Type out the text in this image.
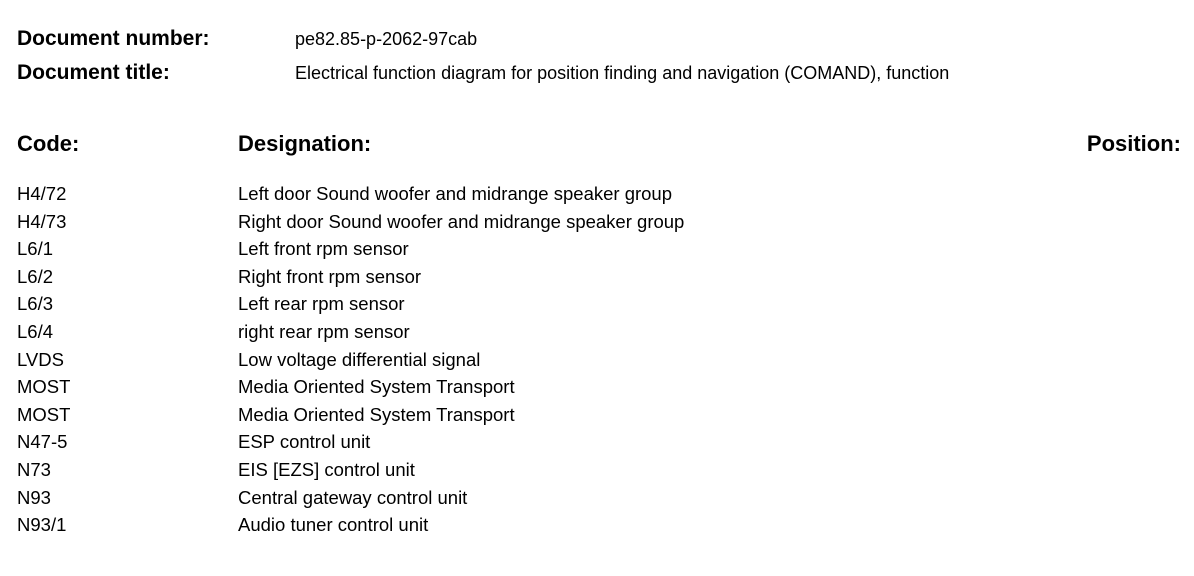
Document number:	pe82.85-p-2062-97cab
Document title:	Electrical function diagram for position finding and navigation (COMAND), function
Code:	Designation:	Position:
H4/72	Left door Sound woofer and midrange speaker group
H4/73	Right door Sound woofer and midrange speaker group
L6/1	Left front rpm sensor
L6/2	Right front rpm sensor
L6/3	Left rear rpm sensor
L6/4	right rear rpm sensor
LVDS	Low voltage differential signal
MOST	Media Oriented System Transport
MOST	Media Oriented System Transport
N47-5	ESP control unit
N73	EIS [EZS] control unit
N93	Central gateway control unit
N93/1	Audio tuner control unit
